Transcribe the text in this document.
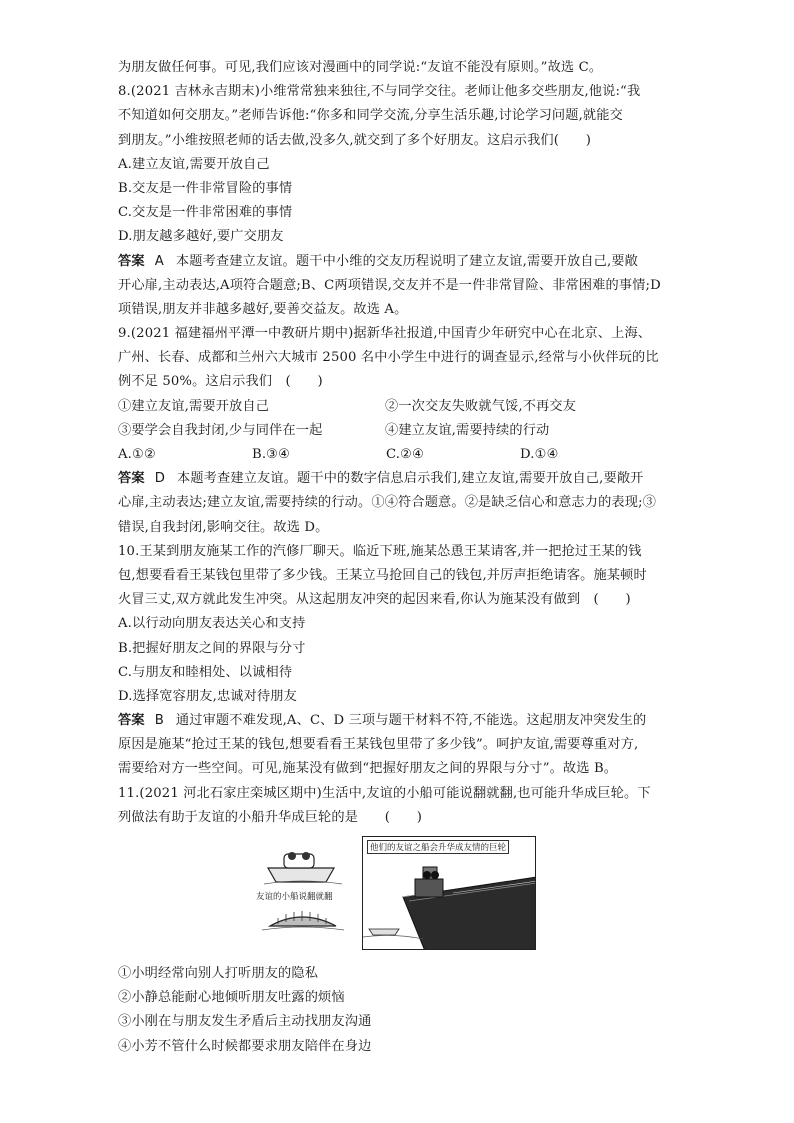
为朋友做任何事。可见,我们应该对漫画中的同学说:“友谊不能没有原则。”故选 C。
8.(2021 吉林永吉期末)小维常常独来独往,不与同学交往。老师让他多交些朋友,他说:“我
不知道如何交朋友。”老师告诉他:“你多和同学交流,分享生活乐趣,讨论学习问题,就能交
到朋友。”小维按照老师的话去做,没多久,就交到了多个好朋友。这启示我们(　　)
A.建立友谊,需要开放自己
B.交友是一件非常冒险的事情
C.交友是一件非常困难的事情
D.朋友越多越好,要广交朋友
答案 A 本题考查建立友谊。题干中小维的交友历程说明了建立友谊,需要开放自己,要敞
开心扉,主动表达,A项符合题意;B、C两项错误,交友并不是一件非常冒险、非常困难的事情;D
项错误,朋友并非越多越好,要善交益友。故选 A。
9.(2021 福建福州平潭一中教研片期中)据新华社报道,中国青少年研究中心在北京、上海、
广州、长春、成都和兰州六大城市 2500 名中小学生中进行的调查显示,经常与小伙伴玩的比
例不足 50%。这启示我们　(　　)
①建立友谊,需要开放自己	②一次交友失败就气馁,不再交友
③要学会自我封闭,少与同伴在一起	④建立友谊,需要持续的行动
A.①②	B.③④	C.②④	D.①④
答案 D 本题考查建立友谊。题干中的数字信息启示我们,建立友谊,需要开放自己,要敞开
心扉,主动表达;建立友谊,需要持续的行动。①④符合题意。②是缺乏信心和意志力的表现;③
错误,自我封闭,影响交往。故选 D。
10.王某到朋友施某工作的汽修厂聊天。临近下班,施某怂恿王某请客,并一把抢过王某的钱
包,想要看看王某钱包里带了多少钱。王某立马抢回自己的钱包,并厉声拒绝请客。施某顿时
火冒三丈,双方就此发生冲突。从这起朋友冲突的起因来看,你认为施某没有做到　(　　)
A.以行动向朋友表达关心和支持
B.把握好朋友之间的界限与分寸
C.与朋友和睦相处、以诚相待
D.选择宽容朋友,忠诚对待朋友
答案 B 通过审题不难发现,A、C、D 三项与题干材料不符,不能选。这起朋友冲突发生的
原因是施某“抢过王某的钱包,想要看看王某钱包里带了多少钱”。呵护友谊,需要尊重对方,
需要给对方一些空间。可见,施某没有做到“把握好朋友之间的界限与分寸”。故选 B。
11.(2021 河北石家庄栾城区期中)生活中,友谊的小船可能说翻就翻,也可能升华成巨轮。下
列做法有助于友谊的小船升华成巨轮的是　　(　　)
友谊的小船说翻就翻
他们的友谊之船会升华成友情的巨轮
①小明经常向别人打听朋友的隐私
②小静总能耐心地倾听朋友吐露的烦恼
③小刚在与朋友发生矛盾后主动找朋友沟通
④小芳不管什么时候都要求朋友陪伴在身边
